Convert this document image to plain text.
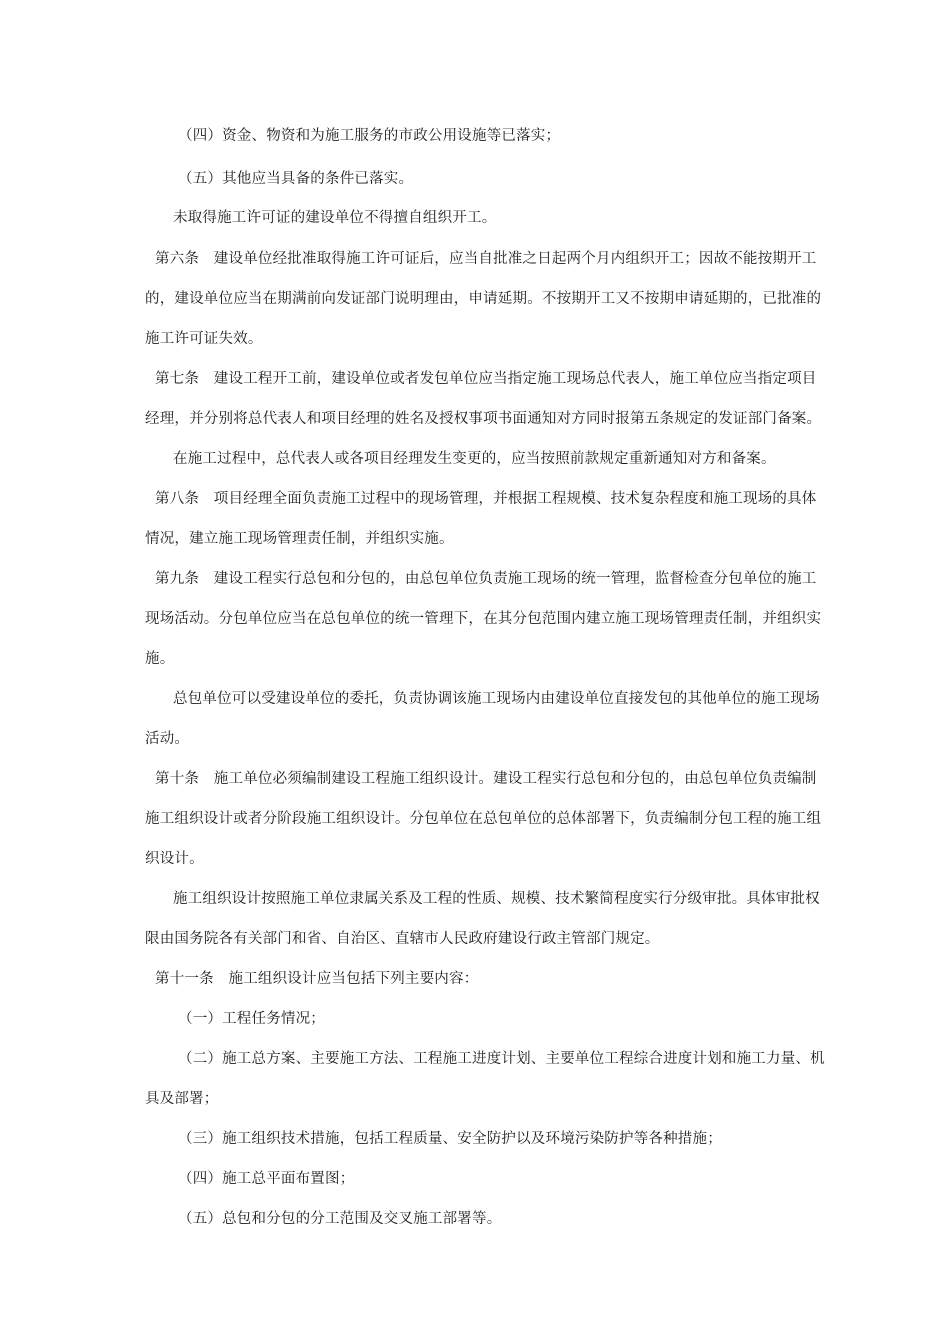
（四）资金、物资和为施工服务的市政公用设施等已落实；
（五）其他应当具备的条件已落实。
未取得施工许可证的建设单位不得擅自组织开工。
第六条　建设单位经批准取得施工许可证后，应当自批准之日起两个月内组织开工；因故不能按期开工
的，建设单位应当在期满前向发证部门说明理由，申请延期。不按期开工又不按期申请延期的，已批准的
施工许可证失效。
第七条　建设工程开工前，建设单位或者发包单位应当指定施工现场总代表人，施工单位应当指定项目
经理，并分别将总代表人和项目经理的姓名及授权事项书面通知对方同时报第五条规定的发证部门备案。
在施工过程中，总代表人或各项目经理发生变更的，应当按照前款规定重新通知对方和备案。
第八条　项目经理全面负责施工过程中的现场管理，并根据工程规模、技术复杂程度和施工现场的具体
情况，建立施工现场管理责任制，并组织实施。
第九条　建设工程实行总包和分包的，由总包单位负责施工现场的统一管理，监督检查分包单位的施工
现场活动。分包单位应当在总包单位的统一管理下，在其分包范围内建立施工现场管理责任制，并组织实
施。
总包单位可以受建设单位的委托，负责协调该施工现场内由建设单位直接发包的其他单位的施工现场
活动。
第十条　施工单位必须编制建设工程施工组织设计。建设工程实行总包和分包的，由总包单位负责编制
施工组织设计或者分阶段施工组织设计。分包单位在总包单位的总体部署下，负责编制分包工程的施工组
织设计。
施工组织设计按照施工单位隶属关系及工程的性质、规模、技术繁简程度实行分级审批。具体审批权
限由国务院各有关部门和省、自治区、直辖市人民政府建设行政主管部门规定。
第十一条　施工组织设计应当包括下列主要内容：
（一）工程任务情况；
（二）施工总方案、主要施工方法、工程施工进度计划、主要单位工程综合进度计划和施工力量、机
具及部署；
（三）施工组织技术措施，包括工程质量、安全防护以及环境污染防护等各种措施；
（四）施工总平面布置图；
（五）总包和分包的分工范围及交叉施工部署等。
